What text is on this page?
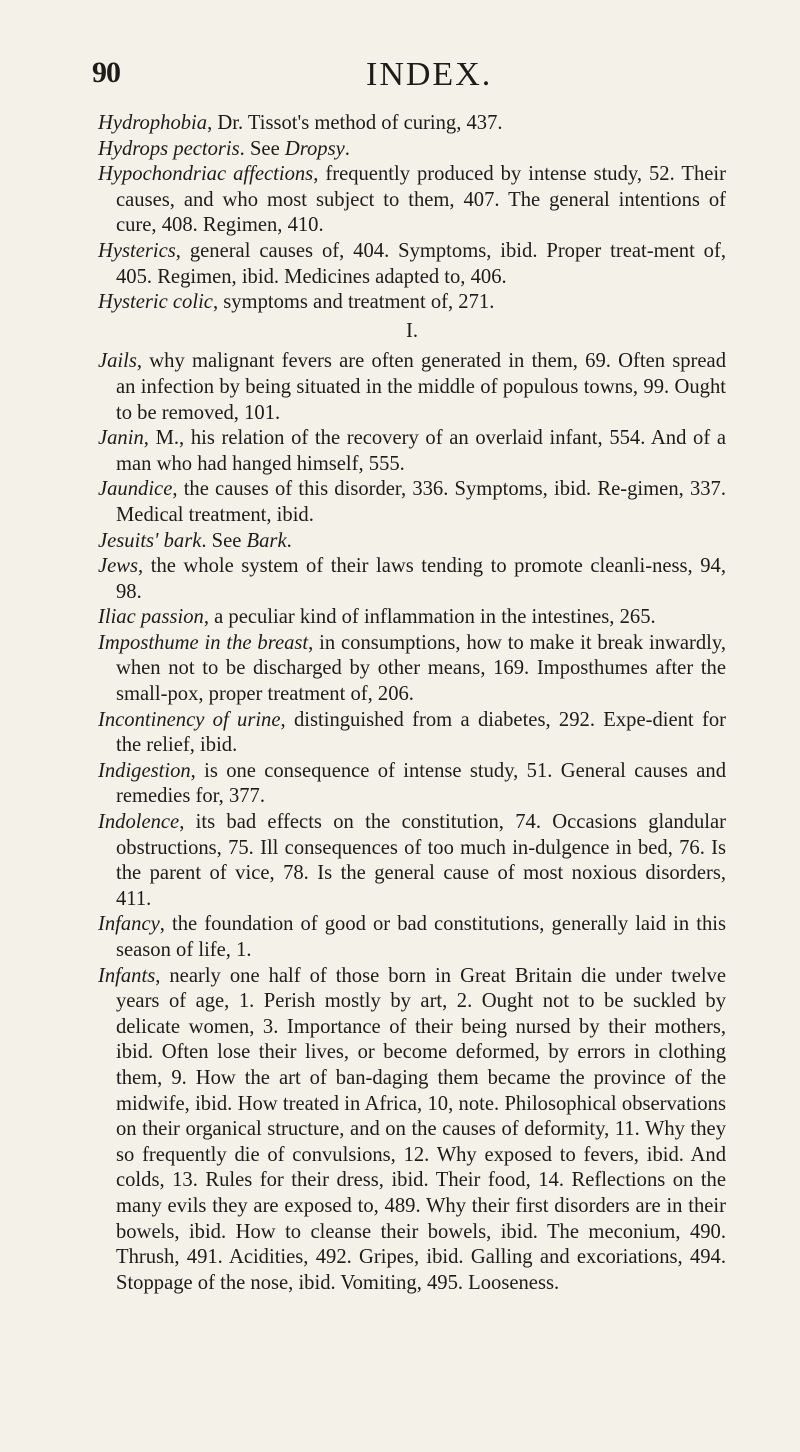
90	INDEX.

Hydrophobia, Dr. Tissot's method of curing, 437.

Hydrops pectoris. See Dropsy.

Hypochondriac affections, frequently produced by intense study, 52. Their causes, and who most subject to them, 407. The general intentions of cure, 408. Regimen, 410.

Hysterics, general causes of, 404. Symptoms, ibid. Proper treat-ment of, 405. Regimen, ibid. Medicines adapted to, 406.

Hysteric colic, symptoms and treatment of, 271.

I.

Jails, why malignant fevers are often generated in them, 69. Often spread an infection by being situated in the middle of populous towns, 99. Ought to be removed, 101.

Janin, M., his relation of the recovery of an overlaid infant, 554. And of a man who had hanged himself, 555.

Jaundice, the causes of this disorder, 336. Symptoms, ibid. Re-gimen, 337. Medical treatment, ibid.

Jesuits' bark. See Bark.

Jews, the whole system of their laws tending to promote cleanli-ness, 94, 98.

Iliac passion, a peculiar kind of inflammation in the intestines, 265.

Imposthume in the breast, in consumptions, how to make it break inwardly, when not to be discharged by other means, 169. Imposthumes after the small-pox, proper treatment of, 206.

Incontinency of urine, distinguished from a diabetes, 292. Expe-dient for the relief, ibid.

Indigestion, is one consequence of intense study, 51. General causes and remedies for, 377.

Indolence, its bad effects on the constitution, 74. Occasions glandular obstructions, 75. Ill consequences of too much in-dulgence in bed, 76. Is the parent of vice, 78. Is the general cause of most noxious disorders, 411.

Infancy, the foundation of good or bad constitutions, generally laid in this season of life, 1.

Infants, nearly one half of those born in Great Britain die under twelve years of age, 1. Perish mostly by art, 2. Ought not to be suckled by delicate women, 3. Importance of their being nursed by their mothers, ibid. Often lose their lives, or become deformed, by errors in clothing them, 9. How the art of ban-daging them became the province of the midwife, ibid. How treated in Africa, 10, note. Philosophical observations on their organical structure, and on the causes of deformity, 11. Why they so frequently die of convulsions, 12. Why exposed to fevers, ibid. And colds, 13. Rules for their dress, ibid. Their food, 14. Reflections on the many evils they are exposed to, 489. Why their first disorders are in their bowels, ibid. How to cleanse their bowels, ibid. The meconium, 490. Thrush, 491. Acidities, 492. Gripes, ibid. Galling and excoriations, 494. Stoppage of the nose, ibid. Vomiting, 495. Looseness.
